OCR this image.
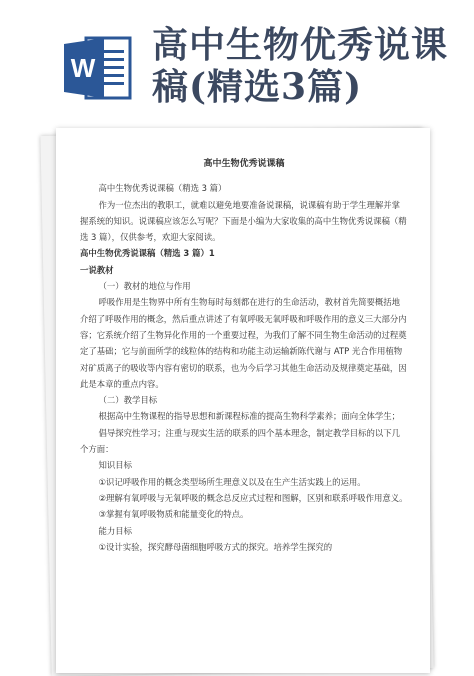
W
高中生物优秀说课
稿(精选3篇)

高中生物优秀说课稿

高中生物优秀说课稿（精选 3 篇）

作为一位杰出的教职工，就难以避免地要准备说课稿，说课稿有助于学生理解并掌握系统的知识。说课稿应该怎么写呢？下面是小编为大家收集的高中生物优秀说课稿（精选 3 篇），仅供参考，欢迎大家阅读。

高中生物优秀说课稿（精选 3 篇）1

一说教材

（一）教材的地位与作用

呼吸作用是生物界中所有生物每时每刻都在进行的生命活动，教材首先简要概括地介绍了呼吸作用的概念，然后重点讲述了有氧呼吸无氧呼吸和呼吸作用的意义三大部分内容；它系统介绍了生物异化作用的一个重要过程，为我们了解不同生物生命活动的过程奠定了基础；它与前面所学的线粒体的结构和功能主动运输新陈代谢与 ATP 光合作用植物对矿质离子的吸收等内容有密切的联系，也为今后学习其他生命活动及规律奠定基础，因此是本章的重点内容。

（二）教学目标

根据高中生物课程的指导思想和新课程标准的提高生物科学素养；面向全体学生；

倡导探究性学习；注重与现实生活的联系的四个基本理念，制定教学目标的以下几个方面：

知识目标

①识记呼吸作用的概念类型场所生理意义以及在生产生活实践上的运用。

②理解有氧呼吸与无氧呼吸的概念总反应式过程和图解，区别和联系呼吸作用意义。

③掌握有氧呼吸物质和能量变化的特点。

能力目标

①设计实验，探究酵母菌细胞呼吸方式的探究。培养学生探究的
